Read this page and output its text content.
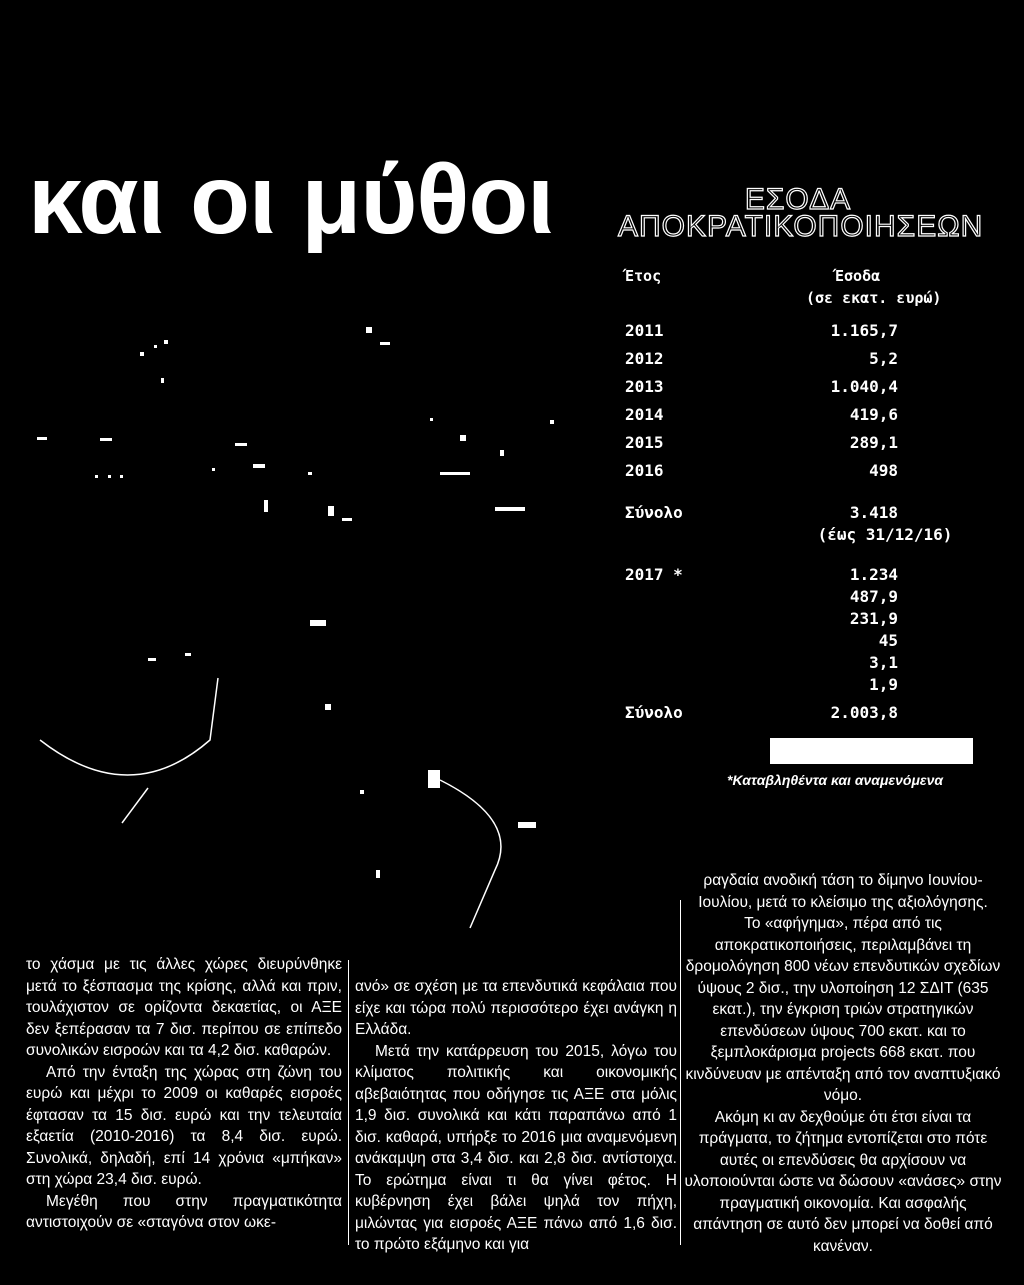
και οι μύθοι	ΕΣΟΔΑ
ΑΠΟΚΡΑΤΙΚΟΠΟΙΗΣΕΩΝ
Έτος	Έσοδα
(σε εκατ. ευρώ)
2011	1.165,7
2012	5,2
2013	1.040,4
2014	419,6
2015	289,1
2016	498
Σύνολο	3.418
(έως 31/12/16)
2017 *	1.234
487,9
231,9
45
3,1
1,9
Σύνολο	2.003,8
*Καταβληθέντα και αναμενόμενα

το χάσμα με τις άλλες χώρες διευρύνθηκε μετά το ξέσπασμα της κρίσης, αλλά και πριν, τουλάχιστον σε ορίζοντα δεκαετίας, οι ΑΞΕ δεν ξεπέρασαν τα 7 δισ. περίπου σε επίπεδο συνολικών εισροών και τα 4,2 δισ. καθαρών.

Από την ένταξη της χώρας στη ζώνη του ευρώ και μέχρι το 2009 οι καθαρές εισροές έφτασαν τα 15 δισ. ευρώ και την τελευταία εξαετία (2010-2016) τα 8,4 δισ. ευρώ. Συνολικά, δηλαδή, επί 14 χρόνια «μπήκαν» στη χώρα 23,4 δισ. ευρώ.

Μεγέθη που στην πραγματικότητα αντιστοιχούν σε «σταγόνα στον ωκε-

ανό» σε σχέση με τα επενδυτικά κεφάλαια που είχε και τώρα πολύ περισσότερο έχει ανάγκη η Ελλάδα.

Μετά την κατάρρευση του 2015, λόγω του κλίματος πολιτικής και οικονομικής αβεβαιότητας που οδήγησε τις ΑΞΕ στα μόλις 1,9 δισ. συνολικά και κάτι παραπάνω από 1 δισ. καθαρά, υπήρξε το 2016 μια αναμενόμενη ανάκαμψη στα 3,4 δισ. και 2,8 δισ. αντίστοιχα. Το ερώτημα είναι τι θα γίνει φέτος. Η κυβέρνηση έχει βάλει ψηλά τον πήχη, μιλώντας για εισροές ΑΞΕ πάνω από 1,6 δισ. το πρώτο εξάμηνο και για

ραγδαία ανοδική τάση το δίμηνο Ιουνίου-Ιουλίου, μετά το κλείσιμο της αξιολόγησης.

Το «αφήγημα», πέρα από τις αποκρατικοποιήσεις, περιλαμβάνει τη δρομολόγηση 800 νέων επενδυτικών σχεδίων ύψους 2 δισ., την υλοποίηση 12 ΣΔΙΤ (635 εκατ.), την έγκριση τριών στρατηγικών επενδύσεων ύψους 700 εκατ. και το ξεμπλοκάρισμα projects 668 εκατ. που κινδύνευαν με απένταξη από τον αναπτυξιακό νόμο.

Ακόμη κι αν δεχθούμε ότι έτσι είναι τα πράγματα, το ζήτημα εντοπίζεται στο πότε αυτές οι επενδύσεις θα αρχίσουν να υλοποιούνται ώστε να δώσουν «ανάσες» στην πραγματική οικονομία. Και ασφαλής απάντηση σε αυτό δεν μπορεί να δοθεί από κανέναν.
